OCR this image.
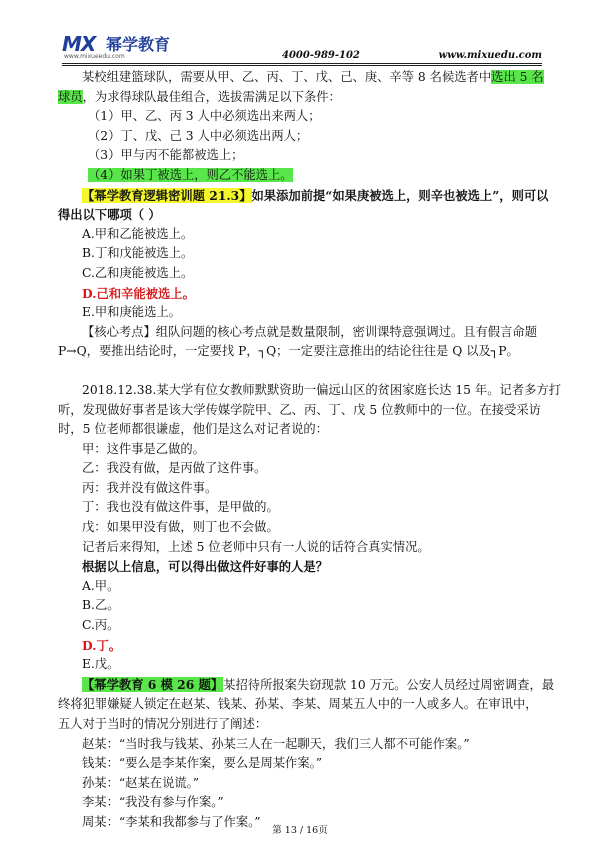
MX 幂学教育
www.mixueedu.com	4000-989-102	www.mixuedu.com

某校组建篮球队，需要从甲、乙、丙、丁、戊、己、庚、辛等 8 名候选者中选出 5 名

球员，为求得球队最佳组合，选拔需满足以下条件：

（1）甲、乙、丙 3 人中必须选出来两人；

（2）丁、戊、己 3 人中必须选出两人；

（3）甲与丙不能都被选上；

（4）如果丁被选上，则乙不能选上。

【幂学教育逻辑密训题 21.3】如果添加前提“如果庚被选上，则辛也被选上”，则可以

得出以下哪项（ ）

A.甲和乙能被选上。

B.丁和戊能被选上。

C.乙和庚能被选上。

D.己和辛能被选上。

E.甲和庚能选上。

【核心考点】组队问题的核心考点就是数量限制，密训课特意强调过。且有假言命题

P→Q，要推出结论时，一定要找 P，┐Q；一定要注意推出的结论往往是 Q 以及┐P。

2018.12.38.某大学有位女教师默默资助一偏远山区的贫困家庭长达 15 年。记者多方打

听，发现做好事者是该大学传媒学院甲、乙、丙、丁、戊 5 位教师中的一位。在接受采访

时，5 位老师都很谦虚，他们是这么对记者说的：

甲：这件事是乙做的。

乙：我没有做，是丙做了这件事。

丙：我并没有做这件事。

丁：我也没有做这件事，是甲做的。

戊：如果甲没有做，则丁也不会做。

记者后来得知，上述 5 位老师中只有一人说的话符合真实情况。

根据以上信息，可以得出做这件好事的人是？

A.甲。

B.乙。

C.丙。

D.丁。

E.戊。

【幂学教育 6 模 26 题】某招待所报案失窃现款 10 万元。公安人员经过周密调查，最

终将犯罪嫌疑人锁定在赵某、钱某、孙某、李某、周某五人中的一人或多人。在审讯中，

五人对于当时的情况分别进行了阐述：

赵某：“当时我与钱某、孙某三人在一起聊天，我们三人都不可能作案。”

钱某：“要么是李某作案，要么是周某作案。”

孙某：“赵某在说谎。”

李某：“我没有参与作案。”

周某：“李某和我都参与了作案。”

第 13 / 16页
